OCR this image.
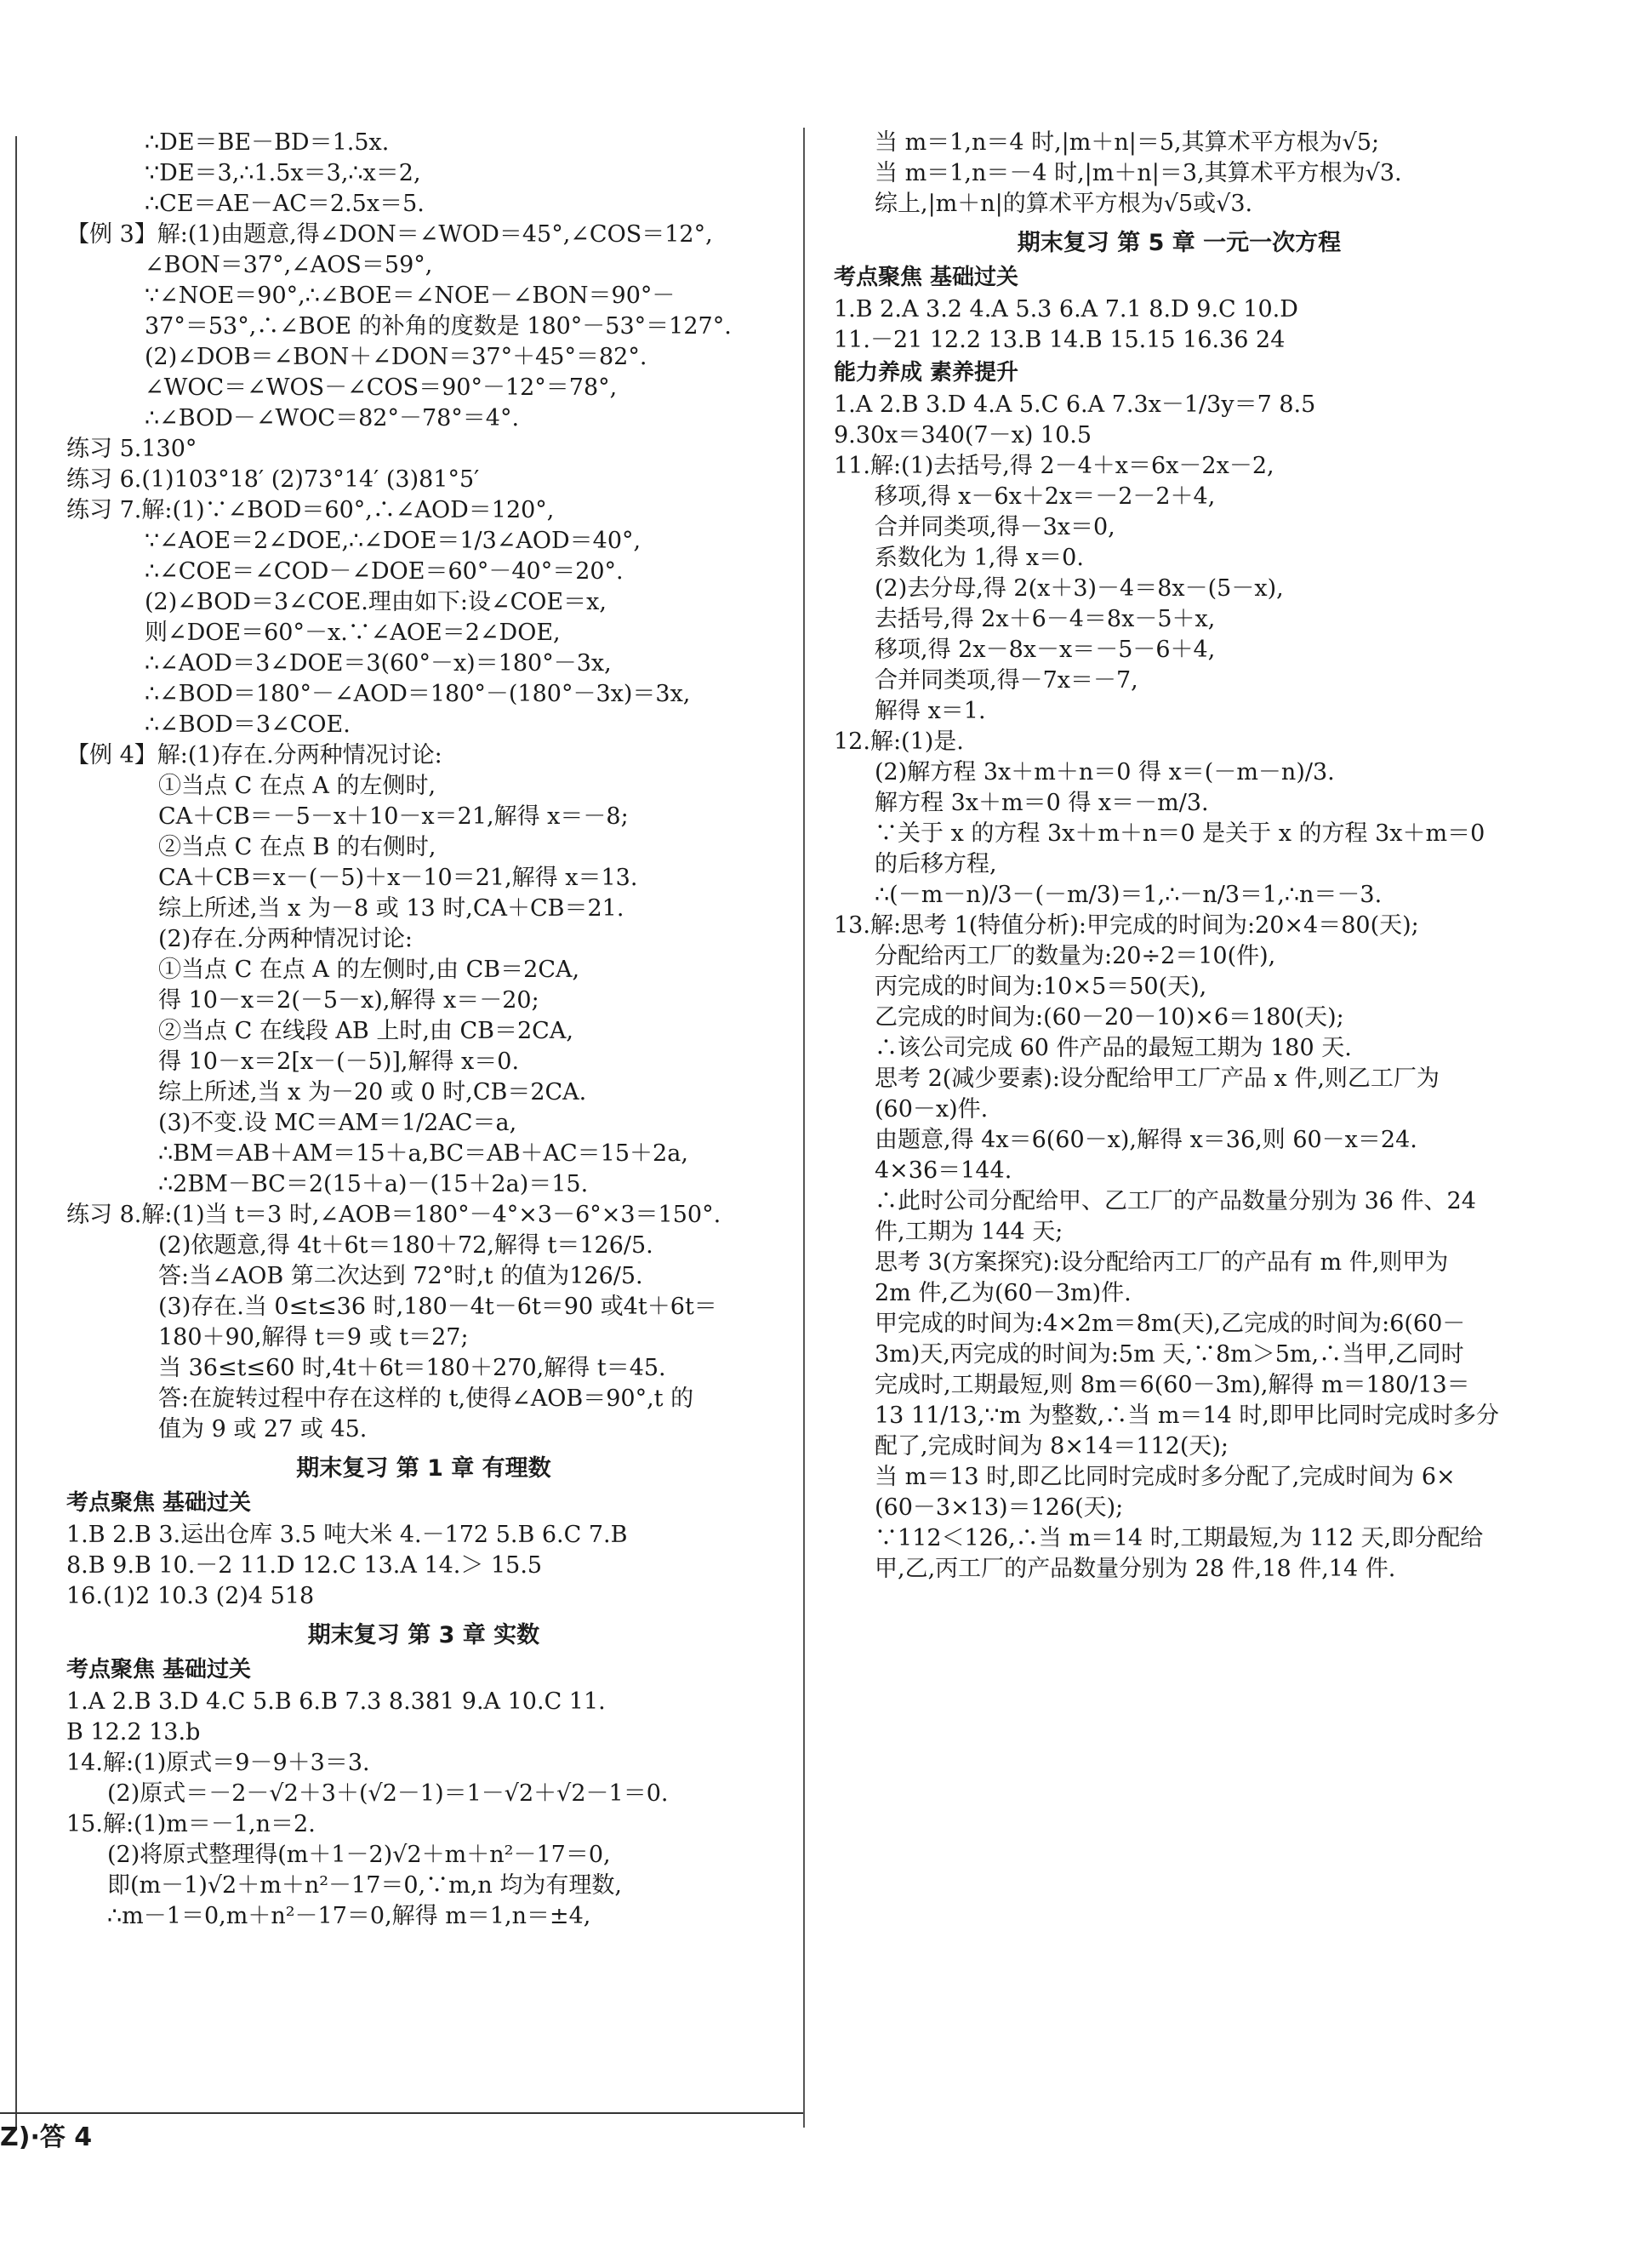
∴DE＝BE－BD＝1.5x.
∵DE＝3,∴1.5x＝3,∴x＝2,
∴CE＝AE－AC＝2.5x＝5.
【例 3】解:(1)由题意,得∠DON＝∠WOD＝45°,∠COS＝12°,
∠BON＝37°,∠AOS＝59°,
∵∠NOE＝90°,∴∠BOE＝∠NOE－∠BON＝90°－
37°＝53°,∴∠BOE 的补角的度数是 180°－53°＝127°.
(2)∠DOB＝∠BON＋∠DON＝37°＋45°＝82°.
∠WOC＝∠WOS－∠COS＝90°－12°＝78°,
∴∠BOD－∠WOC＝82°－78°＝4°.
练习 5.130°
练习 6.(1)103°18′ (2)73°14′ (3)81°5′
练习 7.解:(1)∵∠BOD＝60°,∴∠AOD＝120°,
∵∠AOE＝2∠DOE,∴∠DOE＝1/3∠AOD＝40°,
∴∠COE＝∠COD－∠DOE＝60°－40°＝20°.
(2)∠BOD＝3∠COE.理由如下:设∠COE＝x,
则∠DOE＝60°－x.∵∠AOE＝2∠DOE,
∴∠AOD＝3∠DOE＝3(60°－x)＝180°－3x,
∴∠BOD＝180°－∠AOD＝180°－(180°－3x)＝3x,
∴∠BOD＝3∠COE.
【例 4】解:(1)存在.分两种情况讨论:
①当点 C 在点 A 的左侧时,
CA＋CB＝－5－x＋10－x＝21,解得 x＝－8;
②当点 C 在点 B 的右侧时,
CA＋CB＝x－(－5)＋x－10＝21,解得 x＝13.
综上所述,当 x 为－8 或 13 时,CA＋CB＝21.
(2)存在.分两种情况讨论:
①当点 C 在点 A 的左侧时,由 CB＝2CA,
得 10－x＝2(－5－x),解得 x＝－20;
②当点 C 在线段 AB 上时,由 CB＝2CA,
得 10－x＝2[x－(－5)],解得 x＝0.
综上所述,当 x 为－20 或 0 时,CB＝2CA.
(3)不变.设 MC＝AM＝1/2AC＝a,
∴BM＝AB＋AM＝15＋a,BC＝AB＋AC＝15＋2a,
∴2BM－BC＝2(15＋a)－(15＋2a)＝15.
练习 8.解:(1)当 t＝3 时,∠AOB＝180°－4°×3－6°×3＝150°.
(2)依题意,得 4t＋6t＝180＋72,解得 t＝126/5.
答:当∠AOB 第二次达到 72°时,t 的值为126/5.
(3)存在.当 0≤t≤36 时,180－4t－6t＝90 或4t＋6t＝
180＋90,解得 t＝9 或 t＝27;
当 36≤t≤60 时,4t＋6t＝180＋270,解得 t＝45.
答:在旋转过程中存在这样的 t,使得∠AOB＝90°,t 的
值为 9 或 27 或 45.
期末复习 第 1 章 有理数
考点聚焦 基础过关
1.B 2.B 3.运出仓库 3.5 吨大米 4.－172 5.B 6.C 7.B
8.B 9.B 10.－2 11.D 12.C 13.A 14.＞ 15.5
16.(1)2 10.3 (2)4 518
期末复习 第 3 章 实数
考点聚焦 基础过关
1.A 2.B 3.D 4.C 5.B 6.B 7.3 8.381 9.A 10.C 11.
B 12.2 13.b
14.解:(1)原式＝9－9＋3＝3.
(2)原式＝－2－√2＋3＋(√2－1)＝1－√2＋√2－1＝0.
15.解:(1)m＝－1,n＝2.
(2)将原式整理得(m＋1－2)√2＋m＋n²－17＝0,
即(m－1)√2＋m＋n²－17＝0,∵m,n 均为有理数,
∴m－1＝0,m＋n²－17＝0,解得 m＝1,n＝±4,
当 m＝1,n＝4 时,|m＋n|＝5,其算术平方根为√5;
当 m＝1,n＝－4 时,|m＋n|＝3,其算术平方根为√3.
综上,|m＋n|的算术平方根为√5或√3.
期末复习 第 5 章 一元一次方程
考点聚焦 基础过关
1.B 2.A 3.2 4.A 5.3 6.A 7.1 8.D 9.C 10.D
11.－21 12.2 13.B 14.B 15.15 16.36 24
能力养成 素养提升
1.A 2.B 3.D 4.A 5.C 6.A 7.3x－1/3y＝7 8.5
9.30x＝340(7－x) 10.5
11.解:(1)去括号,得 2－4＋x＝6x－2x－2,
移项,得 x－6x＋2x＝－2－2＋4,
合并同类项,得－3x＝0,
系数化为 1,得 x＝0.
(2)去分母,得 2(x＋3)－4＝8x－(5－x),
去括号,得 2x＋6－4＝8x－5＋x,
移项,得 2x－8x－x＝－5－6＋4,
合并同类项,得－7x＝－7,
解得 x＝1.
12.解:(1)是.
(2)解方程 3x＋m＋n＝0 得 x＝(－m－n)/3.
解方程 3x＋m＝0 得 x＝－m/3.
∵关于 x 的方程 3x＋m＋n＝0 是关于 x 的方程 3x＋m＝0
的后移方程,
∴(－m－n)/3－(－m/3)＝1,∴－n/3＝1,∴n＝－3.
13.解:思考 1(特值分析):甲完成的时间为:20×4＝80(天);
分配给丙工厂的数量为:20÷2＝10(件),
丙完成的时间为:10×5＝50(天),
乙完成的时间为:(60－20－10)×6＝180(天);
∴该公司完成 60 件产品的最短工期为 180 天.
思考 2(减少要素):设分配给甲工厂产品 x 件,则乙工厂为
(60－x)件.
由题意,得 4x＝6(60－x),解得 x＝36,则 60－x＝24.
4×36＝144.
∴此时公司分配给甲、乙工厂的产品数量分别为 36 件、24
件,工期为 144 天;
思考 3(方案探究):设分配给丙工厂的产品有 m 件,则甲为
2m 件,乙为(60－3m)件.
甲完成的时间为:4×2m＝8m(天),乙完成的时间为:6(60－
3m)天,丙完成的时间为:5m 天,∵8m＞5m,∴当甲,乙同时
完成时,工期最短,则 8m＝6(60－3m),解得 m＝180/13＝
13 11/13,∵m 为整数,∴当 m＝14 时,即甲比同时完成时多分
配了,完成时间为 8×14＝112(天);
当 m＝13 时,即乙比同时完成时多分配了,完成时间为 6×
(60－3×13)＝126(天);
∵112＜126,∴当 m＝14 时,工期最短,为 112 天,即分配给
甲,乙,丙工厂的产品数量分别为 28 件,18 件,14 件.
Z)·答 4
